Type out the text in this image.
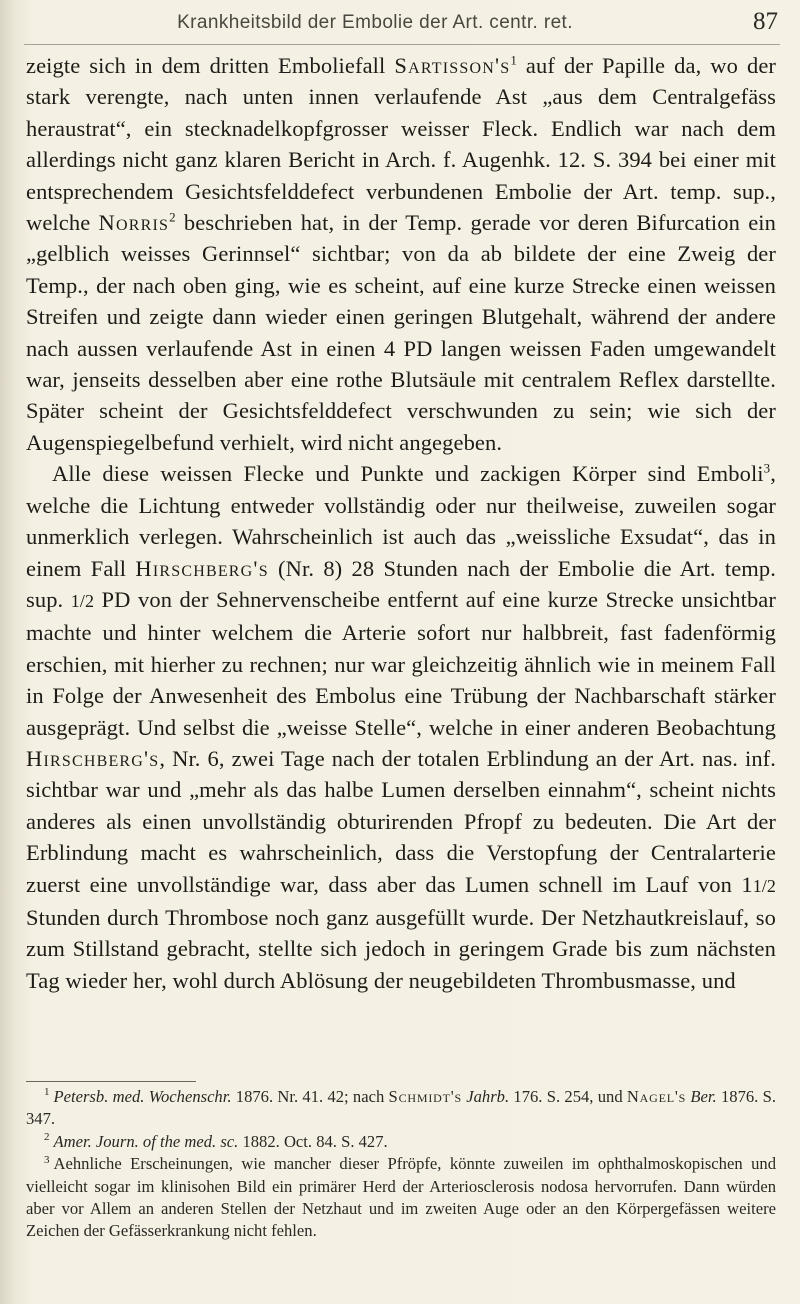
Krankheitsbild der Embolie der Art. centr. ret.	87

zeigte sich in dem dritten Emboliefall $Sartisson's^1$ auf der Papille da, wo der stark verengte, nach unten innen verlaufende Ast „aus dem Centralgefäss heraustrat“, ein stecknadelkopfgrosser weisser Fleck. Endlich war nach dem allerdings nicht ganz klaren Bericht in Arch. f. Augenhk. 12. S. 394 bei einer mit entsprechendem Gesichtsfelddefect verbundenen Embolie der Art. temp. sup., welche Norris$^2$ beschrieben hat, in der Temp. gerade vor deren Bifurcation ein „gelblich weisses Gerinnsel“ sichtbar; von da ab bildete der eine Zweig der Temp., der nach oben ging, wie es scheint, auf eine kurze Strecke einen weissen Streifen und zeigte dann wieder einen geringen Blutgehalt, während der andere nach aussen verlaufende Ast in einen 4 PD langen weissen Faden umgewandelt war, jenseits desselben aber eine rothe Blutsäule mit centralem Reflex darstellte. Später scheint der Gesichtsfelddefect verschwunden zu sein; wie sich der Augenspiegelbefund verhielt, wird nicht angegeben.

Alle diese weissen Flecke und Punkte und zackigen Körper sind Emboli$^3$, welche die Lichtung entweder vollständig oder nur theilweise, zuweilen sogar unmerklich verlegen. Wahrscheinlich ist auch das „weissliche Exsudat“, das in einem Fall Hirschberg's (Nr. 8) 28 Stunden nach der Embolie die Art. temp. sup. 1/2 PD von der Sehnervenscheibe entfernt auf eine kurze Strecke unsichtbar machte und hinter welchem die Arterie sofort nur halbbreit, fast fadenförmig erschien, mit hierher zu rechnen; nur war gleichzeitig ähnlich wie in meinem Fall in Folge der Anwesenheit des Embolus eine Trübung der Nachbarschaft stärker ausgeprägt. Und selbst die „weisse Stelle“, welche in einer anderen Beobachtung Hirschberg's, Nr. 6, zwei Tage nach der totalen Erblindung an der Art. nas. inf. sichtbar war und „mehr als das halbe Lumen derselben einnahm“, scheint nichts anderes als einen unvollständig obturirenden Pfropf zu bedeuten. Die Art der Erblindung macht es wahrscheinlich, dass die Verstopfung der Centralarterie zuerst eine unvollständige war, dass aber das Lumen schnell im Lauf von 11/2 Stunden durch Thrombose noch ganz ausgefüllt wurde. Der Netzhautkreislauf, so zum Stillstand gebracht, stellte sich jedoch in geringem Grade bis zum nächsten Tag wieder her, wohl durch Ablösung der neugebildeten Thrombusmasse, und

$^1$ Petersb. med. Wochenschr. 1876. Nr. 41. 42; nach Schmidt's Jahrb. 176. S. 254, und Nagel's Ber. 1876. S. 347.

$^2$ Amer. Journ. of the med. sc. 1882. Oct. 84. S. 427.

$^3$ Aehnliche Erscheinungen, wie mancher dieser Pfröpfe, könnte zuweilen im ophthalmoskopischen und vielleicht sogar im klinisohen Bild ein primärer Herd der Arteriosclerosis nodosa hervorrufen. Dann würden aber vor Allem an anderen Stellen der Netzhaut und im zweiten Auge oder an den Körpergefässen weitere Zeichen der Gefässerkrankung nicht fehlen.
